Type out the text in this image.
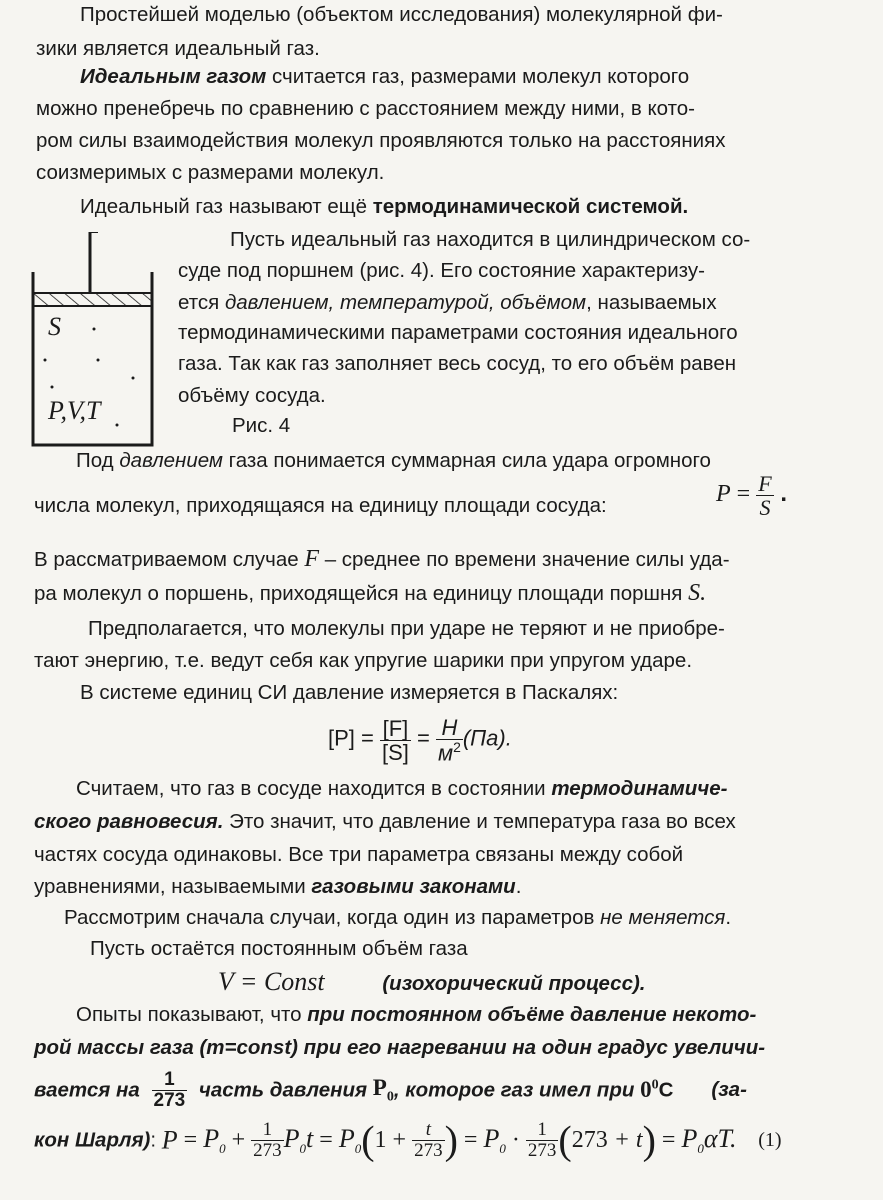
Простейшей моделью (объектом исследования) молекулярной фи-
зики является идеальный газ.
Идеальным газом считается газ, размерами молекул которого
можно пренебречь по сравнению с расстоянием между ними, в кото-
ром силы взаимодействия молекул проявляются только на расстояниях
соизмеримых с размерами молекул.
Идеальный газ называют ещё термодинамической системой.
S
P,V,T
Пусть идеальный газ находится в цилиндрическом со-
суде под поршнем (рис. 4). Его состояние характеризу-
ется давлением, температурой, объёмом, называемых
термодинамическими параметрами состояния идеального
газа. Так как газ заполняет весь сосуд, то его объём равен
объёму сосуда.
Рис. 4
Под давлением газа понимается суммарная сила удара огромного
числа молекул, приходящаяся на единицу площади сосуда:	$P = \frac{F}{S}$ .
В рассматриваемом случае F – среднее по времени значение силы уда-
ра молекул о поршень, приходящейся на единицу площади поршня S.
Предполагается, что молекулы при ударе не теряют и не приобре-
тают энергию, т.е. ведут себя как упругие шарики при упругом ударе.
В системе единиц СИ давление измеряется в Паскалях:
$[P] = \frac{[F]}{[S]} = \frac{Н}{м^2} (Па)$.
Считаем, что газ в сосуде находится в состоянии термодинамиче-
ского равновесия. Это значит, что давление и температура газа во всех
частях сосуда одинаковы. Все три параметра связаны между собой
уравнениями, называемыми газовыми законами.
Рассмотрим сначала случаи, когда один из параметров не меняется.
Пусть остаётся постоянным объём газа
V = Const	(изохорический процесс).
Опыты показывают, что при постоянном объёме давление некото-
рой массы газа (m=const) при его нагревании на один градус увеличи-
вается на $\frac{1}{273}$ часть давления $P_0$, которое газ имел при $0^0C$ (за-
кон Шарля): $P = P_0 + \frac{1}{273} P_0t = P_0(1 + \frac{t}{273}$ ) = $P_0 \cdot \frac{1}{273} (273 + t) = P_0\alpha T$. (1)
